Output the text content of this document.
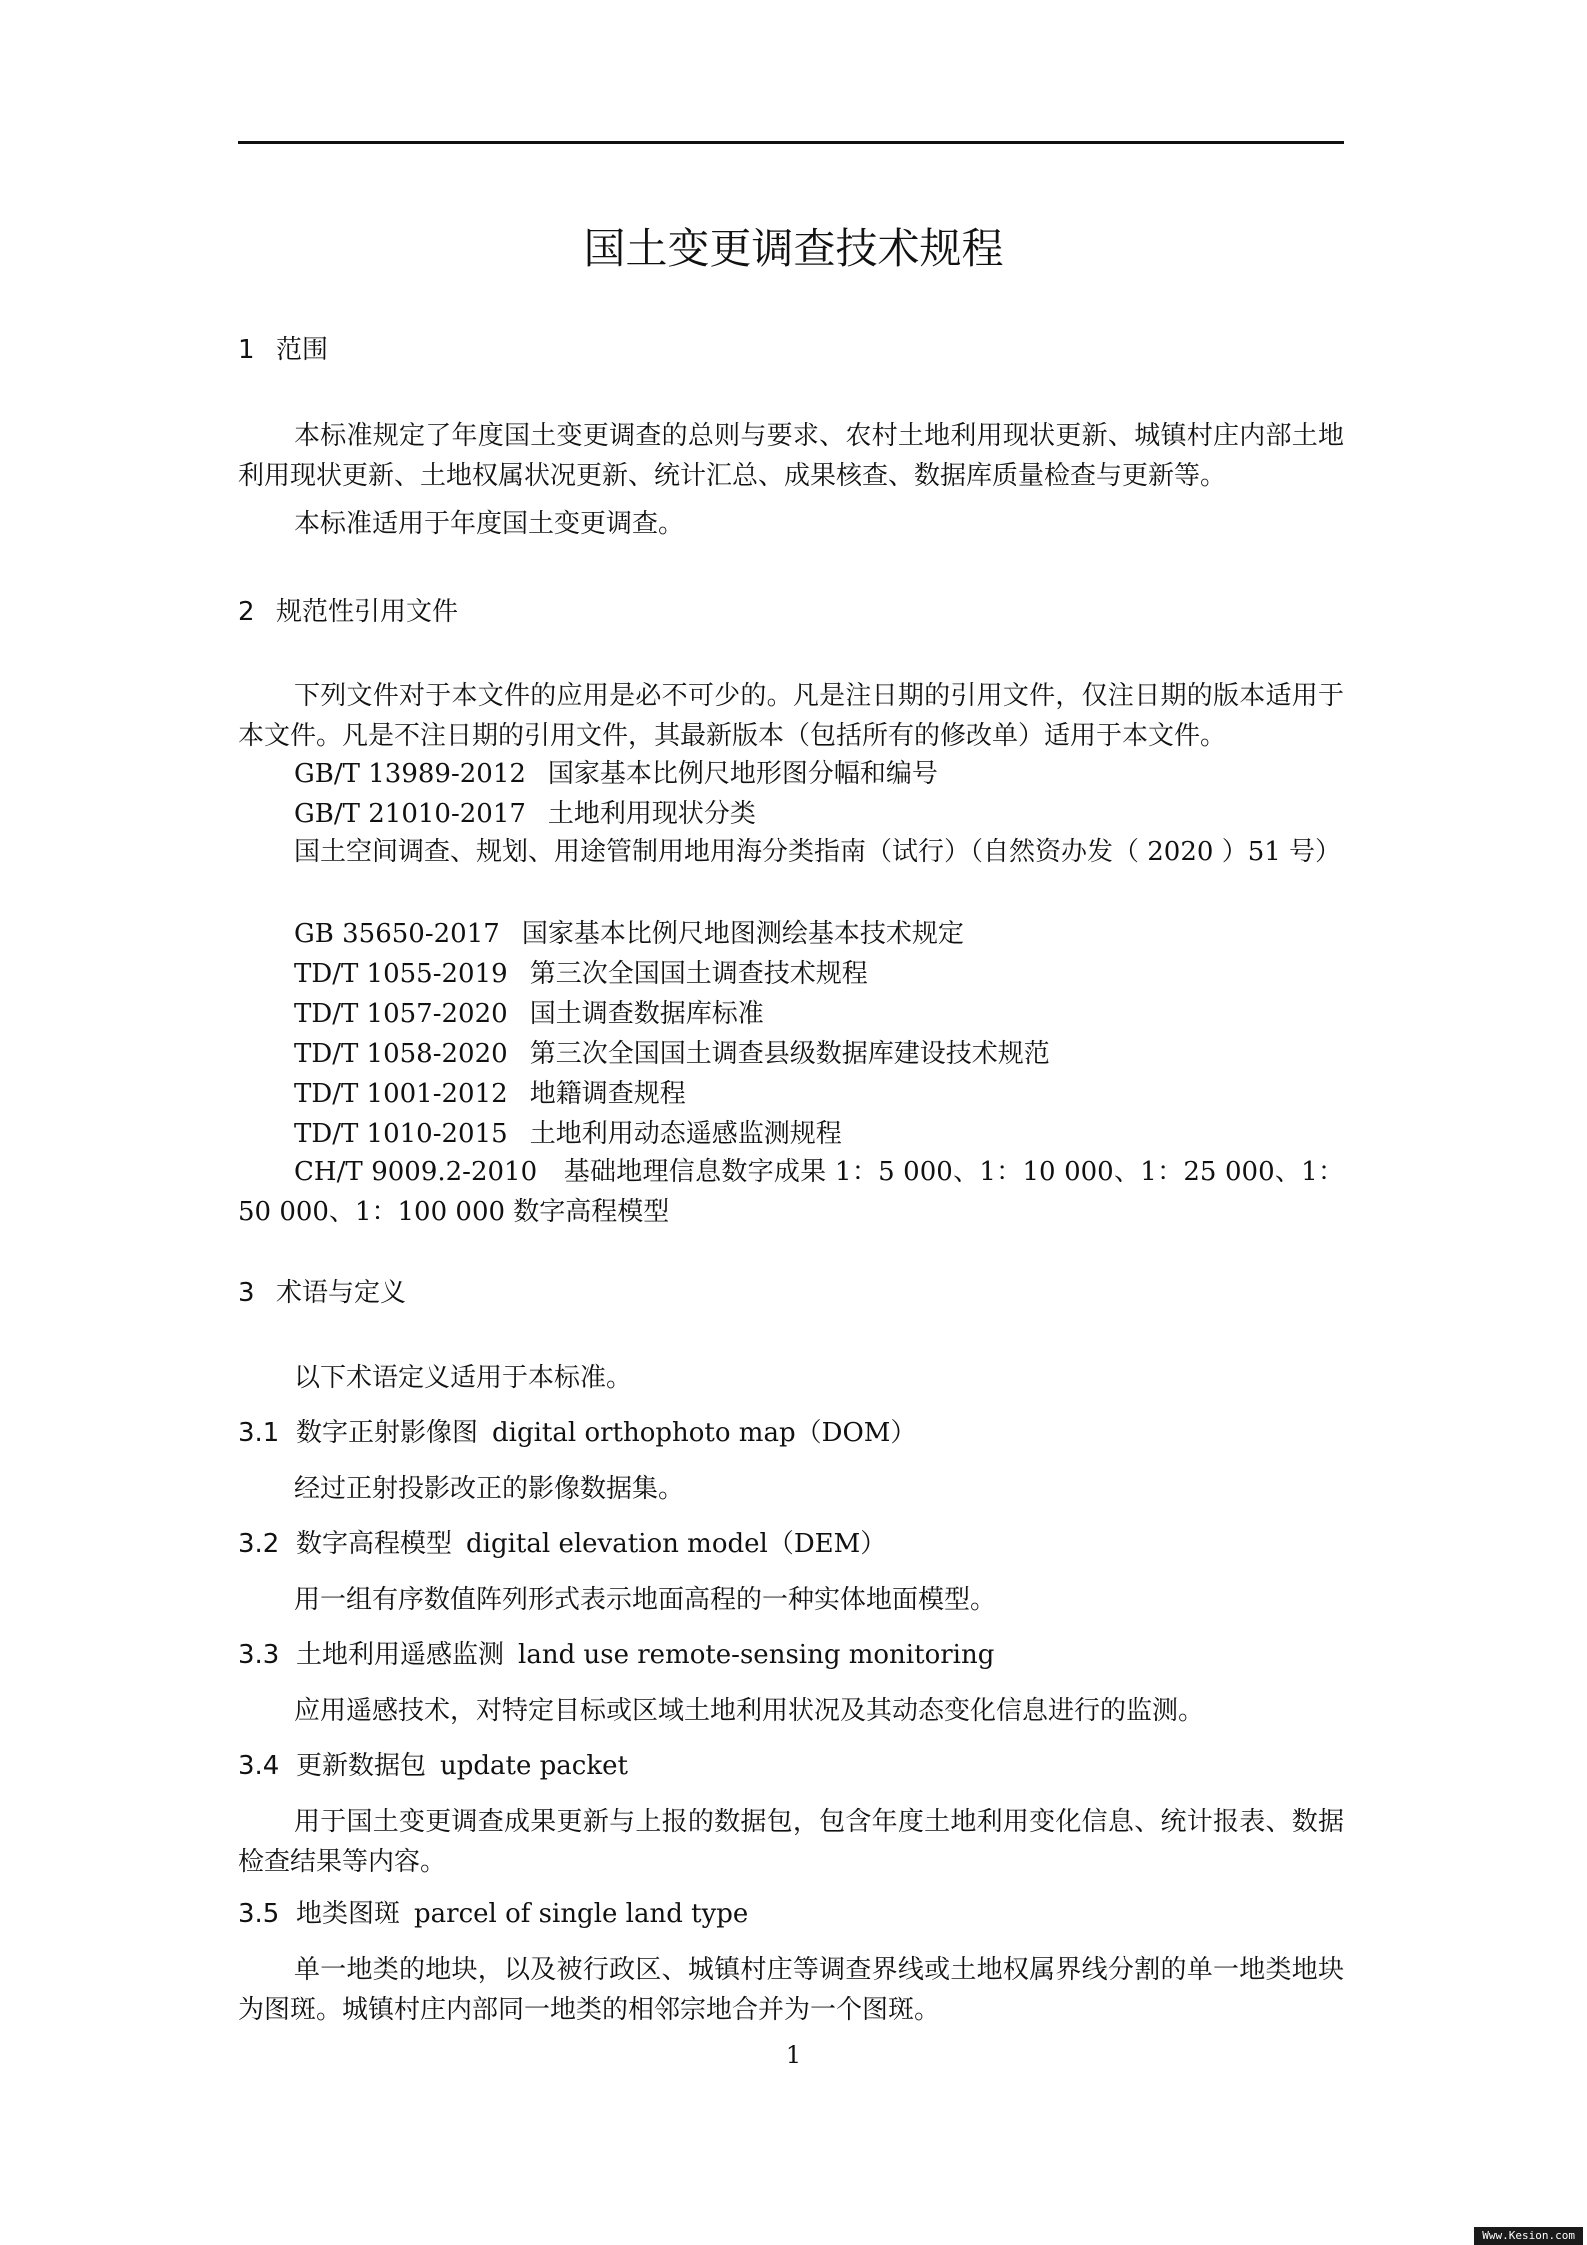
国土变更调查技术规程
1 范围

本标准规定了年度国土变更调查的总则与要求、农村土地利用现状更新、城镇村庄内部土地利用现状更新、土地权属状况更新、统计汇总、成果核查、数据库质量检查与更新等。

本标准适用于年度国土变更调查。

2 规范性引用文件

下列文件对于本文件的应用是必不可少的。凡是注日期的引用文件，仅注日期的版本适用于本文件。凡是不注日期的引用文件，其最新版本（包括所有的修改单）适用于本文件。

GB/T 13989-2012 国家基本比例尺地形图分幅和编号
GB/T 21010-2017 土地利用现状分类

国土空间调查、规划、用途管制用地用海分类指南（试行）（自然资办发（ 2020 ）51 号）

GB 35650-2017 国家基本比例尺地图测绘基本技术规定
TD/T 1055-2019 第三次全国国土调查技术规程
TD/T 1057-2020 国土调查数据库标准
TD/T 1058-2020 第三次全国国土调查县级数据库建设技术规范
TD/T 1001-2012 地籍调查规程
TD/T 1010-2015 土地利用动态遥感监测规程

CH/T 9009.2-2010　基础地理信息数字成果 1：5 000、1：10 000、1：25 000、1：50 000、1：100 000 数字高程模型

3 术语与定义

以下术语定义适用于本标准。

3.1 数字正射影像图 digital orthophoto map（DOM）

经过正射投影改正的影像数据集。

3.2 数字高程模型 digital elevation model（DEM）

用一组有序数值阵列形式表示地面高程的一种实体地面模型。

3.3 土地利用遥感监测 land use remote-sensing monitoring

应用遥感技术，对特定目标或区域土地利用状况及其动态变化信息进行的监测。

3.4 更新数据包 update packet

用于国土变更调查成果更新与上报的数据包，包含年度土地利用变化信息、统计报表、数据检查结果等内容。

3.5 地类图斑 parcel of single land type

单一地类的地块，以及被行政区、城镇村庄等调查界线或土地权属界线分割的单一地类地块为图斑。城镇村庄内部同一地类的相邻宗地合并为一个图斑。

1
Www.Kesion.com
